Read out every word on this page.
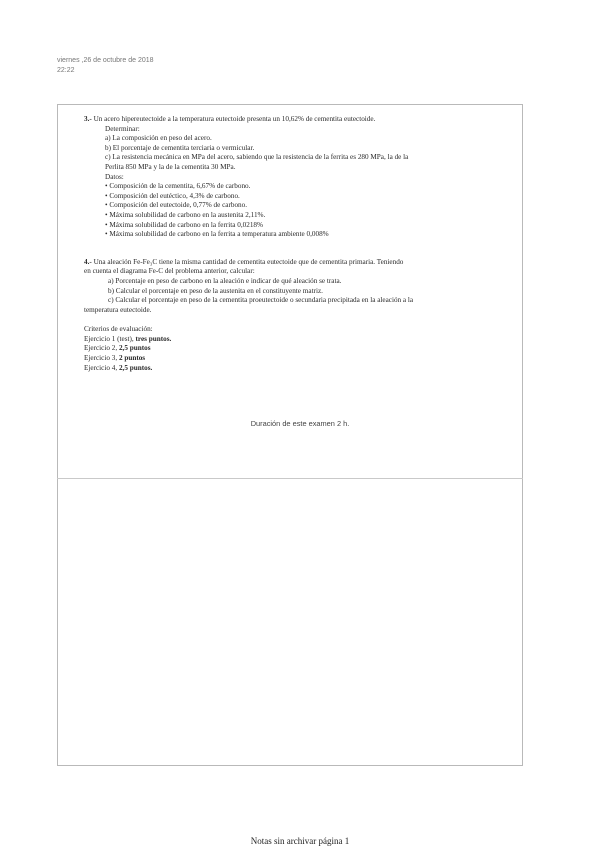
viernes ,26 de octubre de 2018
22:22

3.- Un acero hipereutectoide a la temperatura eutectoide presenta un 10,62% de cementita eutectoide.

Determinar:

a) La composición en peso del acero.

b) El porcentaje de cementita terciaria o vermicular.

c) La resistencia mecánica en MPa del acero, sabiendo que la resistencia de la ferrita es 280 MPa, la de la

Perlita 850 MPa y la de la cementita 30 MPa.

Datos:

• Composición de la cementita, 6,67% de carbono.

• Composición del eutéctico, 4,3% de carbono.

• Composición del eutectoide, 0,77% de carbono.

• Máxima solubilidad de carbono en la austenita 2,11%.

• Máxima solubilidad de carbono en la ferrita 0,0218%

• Máxima solubilidad de carbono en la ferrita a temperatura ambiente 0,008%

4.- Una aleación Fe-Fe₃C tiene la misma cantidad de cementita eutectoide que de cementita primaria. Teniendo

en cuenta el diagrama Fe-C del problema anterior, calcular:

a) Porcentaje en peso de carbono en la aleación e indicar de qué aleación se trata.

b) Calcular el porcentaje en peso de la austenita en el constituyente matriz.

c) Calcular el porcentaje en peso de la cementita proeutectoide o secundaria precipitada en la aleación a la

temperatura eutectoide.

Criterios de evaluación:

Ejercicio 1 (test), tres puntos.

Ejercicio 2, 2,5 puntos

Ejercicio 3, 2 puntos

Ejercicio 4, 2,5 puntos.

Duración de este examen 2 h.
Notas sin archivar página 1
